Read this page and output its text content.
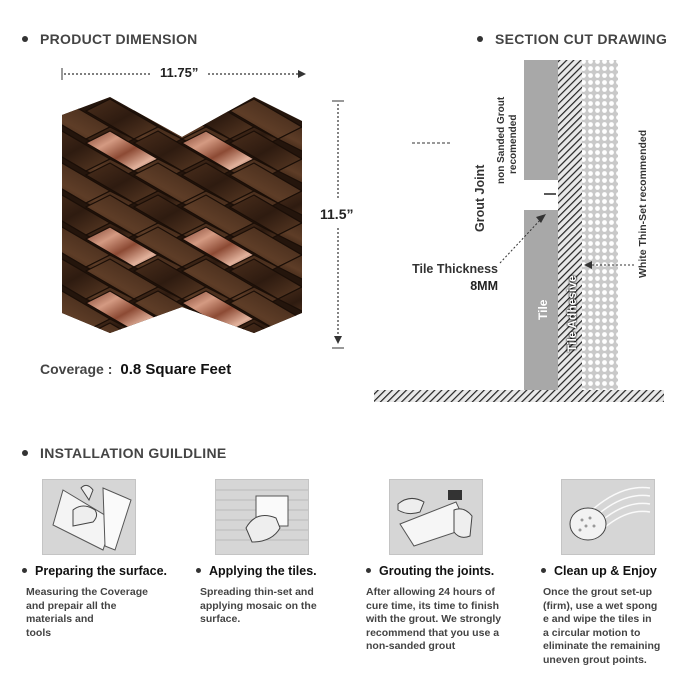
PRODUCT DIMENSION
11.75”
11.5”
Coverage : 0.8 Square Feet
SECTION CUT DRAWING
Grout Joint
non Sanded Grout recomended
Tile Thickness
8MM
Tile Tile Adhesive
White Thin-Set recommended
INSTALLATION GUILDLINE
Preparing the surface.
Measuring the Coverage
and prepair all the
materials and
tools
Applying the tiles.
Spreading thin-set and
applying mosaic on the
surface.
Grouting the joints.
After allowing 24 hours of
cure time, its time to finish
with the grout. We strongly
recommend that you use a
non-sanded grout
Clean up & Enjoy
Once the grout set-up
(firm), use a wet spong
e and wipe the tiles in
a circular motion to
eliminate the remaining
uneven grout points.
